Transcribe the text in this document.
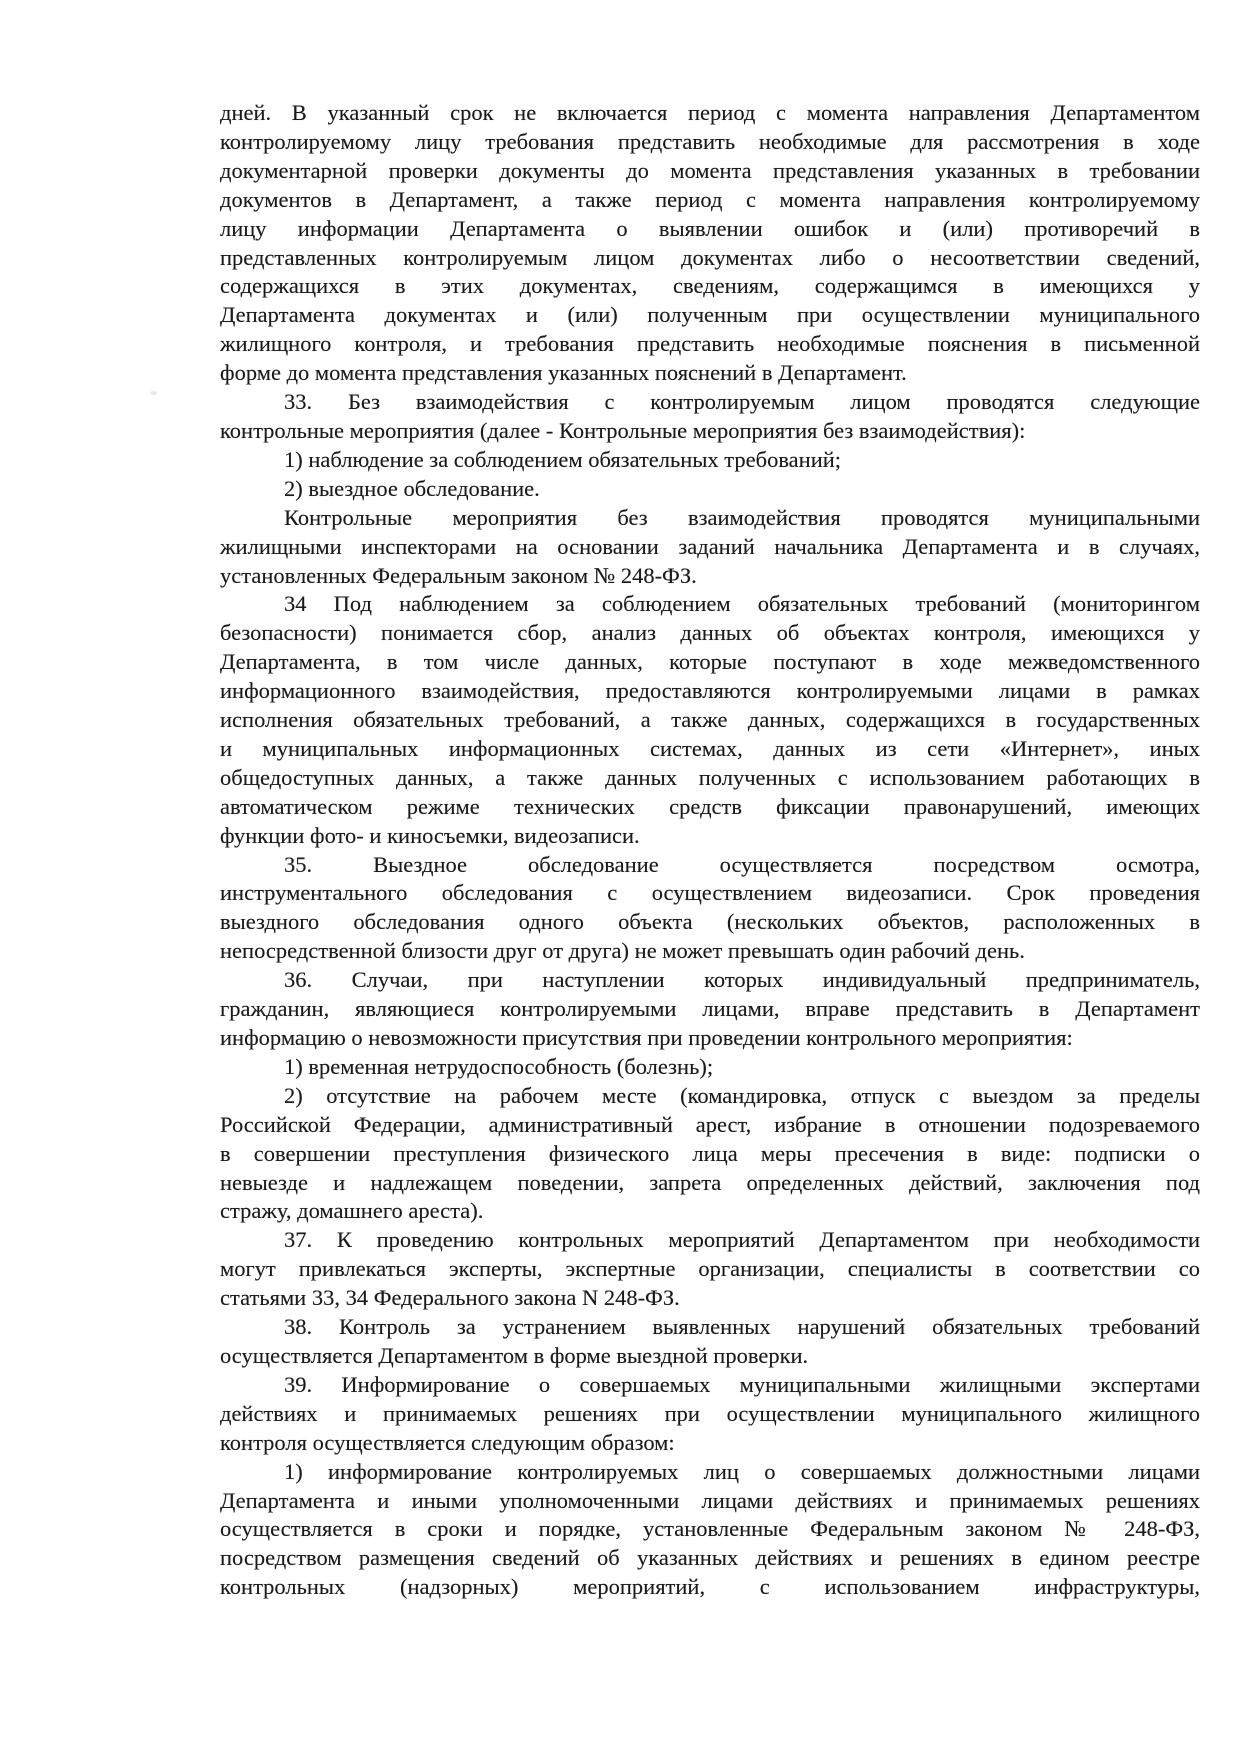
дней. В указанный срок не включается период с момента направления Департаментом
контролируемому лицу требования представить необходимые для рассмотрения в ходе
документарной проверки документы до момента представления указанных в требовании
документов в Департамент, а также период с момента направления контролируемому
лицу информации Департамента о выявлении ошибок и (или) противоречий в
представленных контролируемым лицом документах либо о несоответствии сведений,
содержащихся в этих документах, сведениям, содержащимся в имеющихся у
Департамента документах и (или) полученным при осуществлении муниципального
жилищного контроля, и требования представить необходимые пояснения в письменной
форме до момента представления указанных пояснений в Департамент.
33. Без взаимодействия с контролируемым лицом проводятся следующие
контрольные мероприятия (далее - Контрольные мероприятия без взаимодействия):
1) наблюдение за соблюдением обязательных требований;
2) выездное обследование.
Контрольные мероприятия без взаимодействия проводятся муниципальными
жилищными инспекторами на основании заданий начальника Департамента и в случаях,
установленных Федеральным законом № 248-ФЗ.
34 Под наблюдением за соблюдением обязательных требований (мониторингом
безопасности) понимается сбор, анализ данных об объектах контроля, имеющихся у
Департамента, в том числе данных, которые поступают в ходе межведомственного
информационного взаимодействия, предоставляются контролируемыми лицами в рамках
исполнения обязательных требований, а также данных, содержащихся в государственных
и муниципальных информационных системах, данных из сети «Интернет», иных
общедоступных данных, а также данных полученных с использованием работающих в
автоматическом режиме технических средств фиксации правонарушений, имеющих
функции фото- и киносъемки, видеозаписи.
35. Выездное обследование осуществляется посредством осмотра,
инструментального обследования с осуществлением видеозаписи. Срок проведения
выездного обследования одного объекта (нескольких объектов, расположенных в
непосредственной близости друг от друга) не может превышать один рабочий день.
36. Случаи, при наступлении которых индивидуальный предприниматель,
гражданин, являющиеся контролируемыми лицами, вправе представить в Департамент
информацию о невозможности присутствия при проведении контрольного мероприятия:
1) временная нетрудоспособность (болезнь);
2) отсутствие на рабочем месте (командировка, отпуск с выездом за пределы
Российской Федерации, административный арест, избрание в отношении подозреваемого
в совершении преступления физического лица меры пресечения в виде: подписки о
невыезде и надлежащем поведении, запрета определенных действий, заключения под
стражу, домашнего ареста).
37. К проведению контрольных мероприятий Департаментом при необходимости
могут привлекаться эксперты, экспертные организации, специалисты в соответствии со
статьями 33, 34 Федерального закона N 248-ФЗ.
38. Контроль за устранением выявленных нарушений обязательных требований
осуществляется Департаментом в форме выездной проверки.
39. Информирование о совершаемых муниципальными жилищными экспертами
действиях и принимаемых решениях при осуществлении муниципального жилищного
контроля осуществляется следующим образом:
1) информирование контролируемых лиц о совершаемых должностными лицами
Департамента и иными уполномоченными лицами действиях и принимаемых решениях
осуществляется в сроки и порядке, установленные Федеральным законом № 248-ФЗ,
посредством размещения сведений об указанных действиях и решениях в едином реестре
контрольных (надзорных) мероприятий, с использованием инфраструктуры,
